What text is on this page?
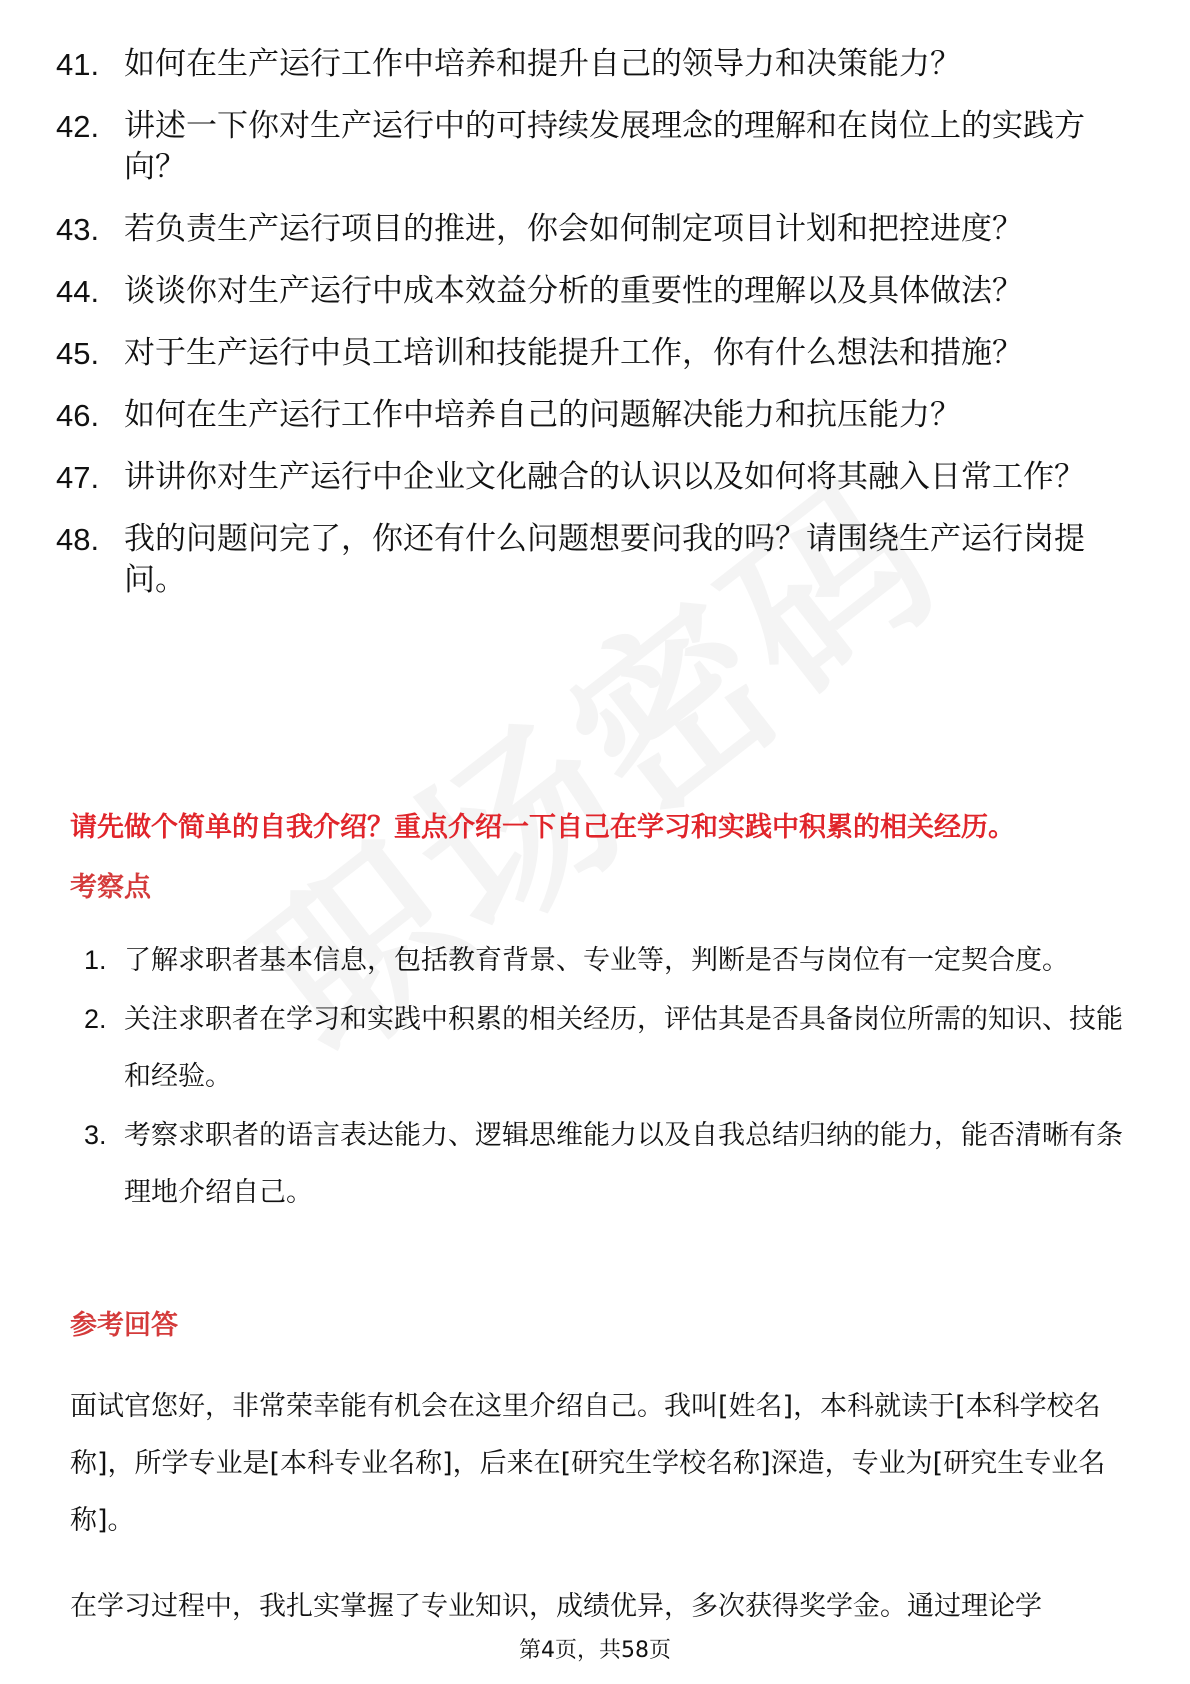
41. 如何在生产运行工作中培养和提升自己的领导力和决策能力？
42. 讲述一下你对生产运行中的可持续发展理念的理解和在岗位上的实践方向？
43. 若负责生产运行项目的推进，你会如何制定项目计划和把控进度？
44. 谈谈你对生产运行中成本效益分析的重要性的理解以及具体做法？
45. 对于生产运行中员工培训和技能提升工作，你有什么想法和措施？
46. 如何在生产运行工作中培养自己的问题解决能力和抗压能力？
47. 讲讲你对生产运行中企业文化融合的认识以及如何将其融入日常工作？
48. 我的问题问完了，你还有什么问题想要问我的吗？请围绕生产运行岗提问。
请先做个简单的自我介绍？重点介绍一下自己在学习和实践中积累的相关经历。
考察点
1. 了解求职者基本信息，包括教育背景、专业等，判断是否与岗位有一定契合度。
2. 关注求职者在学习和实践中积累的相关经历，评估其是否具备岗位所需的知识、技能和经验。
3. 考察求职者的语言表达能力、逻辑思维能力以及自我总结归纳的能力，能否清晰有条理地介绍自己。
参考回答

面试官您好，非常荣幸能有机会在这里介绍自己。我叫[姓名]，本科就读于[本科学校名称]，所学专业是[本科专业名称]，后来在[研究生学校名称]深造，专业为[研究生专业名称]。

在学习过程中，我扎实掌握了专业知识，成绩优异，多次获得奖学金。通过理论学

第4页，共58页
